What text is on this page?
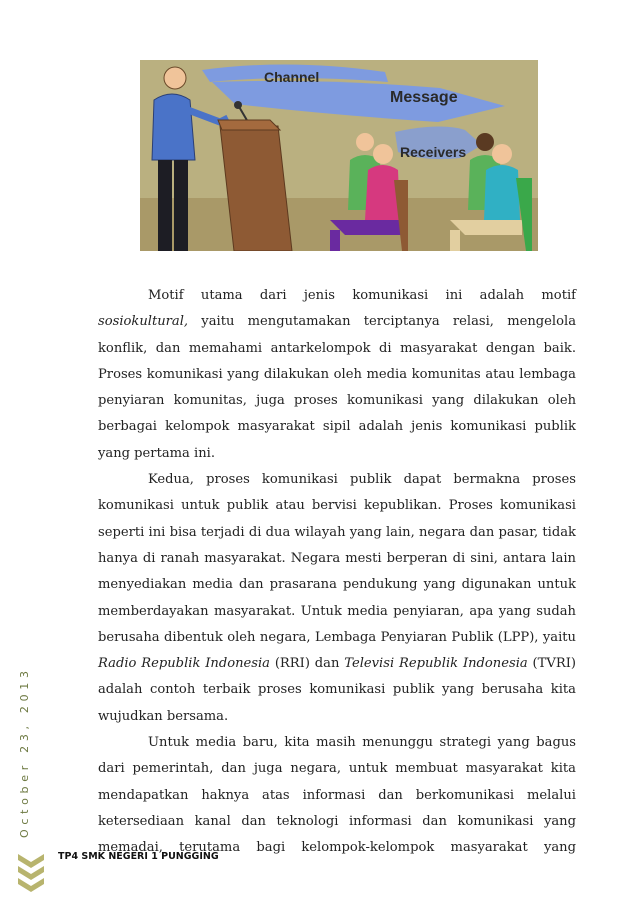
Channel
Message
Receivers

Motif utama dari jenis komunikasi ini adalah motif sosiokultural, yaitu mengutamakan terciptanya relasi, mengelola konflik, dan memahami antarkelompok di masyarakat dengan baik. Proses komunikasi yang dilakukan oleh media komunitas atau lembaga penyiaran komunitas, juga proses komunikasi yang dilakukan oleh berbagai kelompok masyarakat sipil adalah jenis komunikasi publik yang pertama ini.

Kedua, proses komunikasi publik dapat bermakna proses komunikasi untuk publik atau bervisi kepublikan. Proses komunikasi seperti ini bisa terjadi di dua wilayah yang lain, negara dan pasar, tidak hanya di ranah masyarakat. Negara mesti berperan di sini, antara lain menyediakan media dan prasarana pendukung yang digunakan untuk memberdayakan masyarakat. Untuk media penyiaran, apa yang sudah berusaha dibentuk oleh negara, Lembaga Penyiaran Publik (LPP), yaitu Radio Republik Indonesia (RRI) dan Televisi Republik Indonesia (TVRI) adalah contoh terbaik proses komunikasi publik yang berusaha kita wujudkan bersama.

Untuk media baru, kita masih menunggu strategi yang bagus dari pemerintah, dan juga negara, untuk membuat masyarakat kita mendapatkan haknya atas informasi dan berkomunikasi melalui ketersediaan kanal dan teknologi informasi dan komunikasi yang memadai, terutama bagi kelompok-kelompok masyarakat yang

October 23, 2013
TP4 SMK NEGERI 1 PUNGGING
